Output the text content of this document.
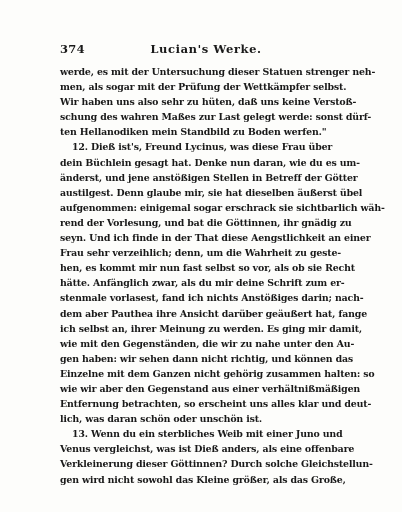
374	Lucian's Werke.
werde, es mit der Untersuchung dieser Statuen strenger neh-
men, als sogar mit der Prüfung der Wettkämpfer selbst.
Wir haben uns also sehr zu hüten, daß uns keine Verstoß-
schung des wahren Maßes zur Last gelegt werde: sonst dürf-
ten Hellanodiken mein Standbild zu Boden werfen."
12. Dieß ist's, Freund Lycinus, was diese Frau über
dein Büchlein gesagt hat. Denke nun daran, wie du es um-
änderst, und jene anstößigen Stellen in Betreff der Götter
austilgest. Denn glaube mir, sie hat dieselben äußerst übel
aufgenommen: einigemal sogar erschrack sie sichtbarlich wäh-
rend der Vorlesung, und bat die Göttinnen, ihr gnädig zu
seyn. Und ich finde in der That diese Aengstlichkeit an einer
Frau sehr verzeihlich; denn, um die Wahrheit zu geste-
hen, es kommt mir nun fast selbst so vor, als ob sie Recht
hätte. Anfänglich zwar, als du mir deine Schrift zum er-
stenmale vorlasest, fand ich nichts Anstößiges darin; nach-
dem aber Pauthea ihre Ansicht darüber geäußert hat, fange
ich selbst an, ihrer Meinung zu werden. Es ging mir damit,
wie mit den Gegenständen, die wir zu nahe unter den Au-
gen haben: wir sehen dann nicht richtig, und können das
Einzelne mit dem Ganzen nicht gehörig zusammen halten: so
wie wir aber den Gegenstand aus einer verhältnißmäßigen
Entfernung betrachten, so erscheint uns alles klar und deut-
lich, was daran schön oder unschön ist.
13. Wenn du ein sterbliches Weib mit einer Juno und
Venus vergleichst, was ist Dieß anders, als eine offenbare
Verkleinerung dieser Göttinnen? Durch solche Gleichstellun-
gen wird nicht sowohl das Kleine größer, als das Große,
